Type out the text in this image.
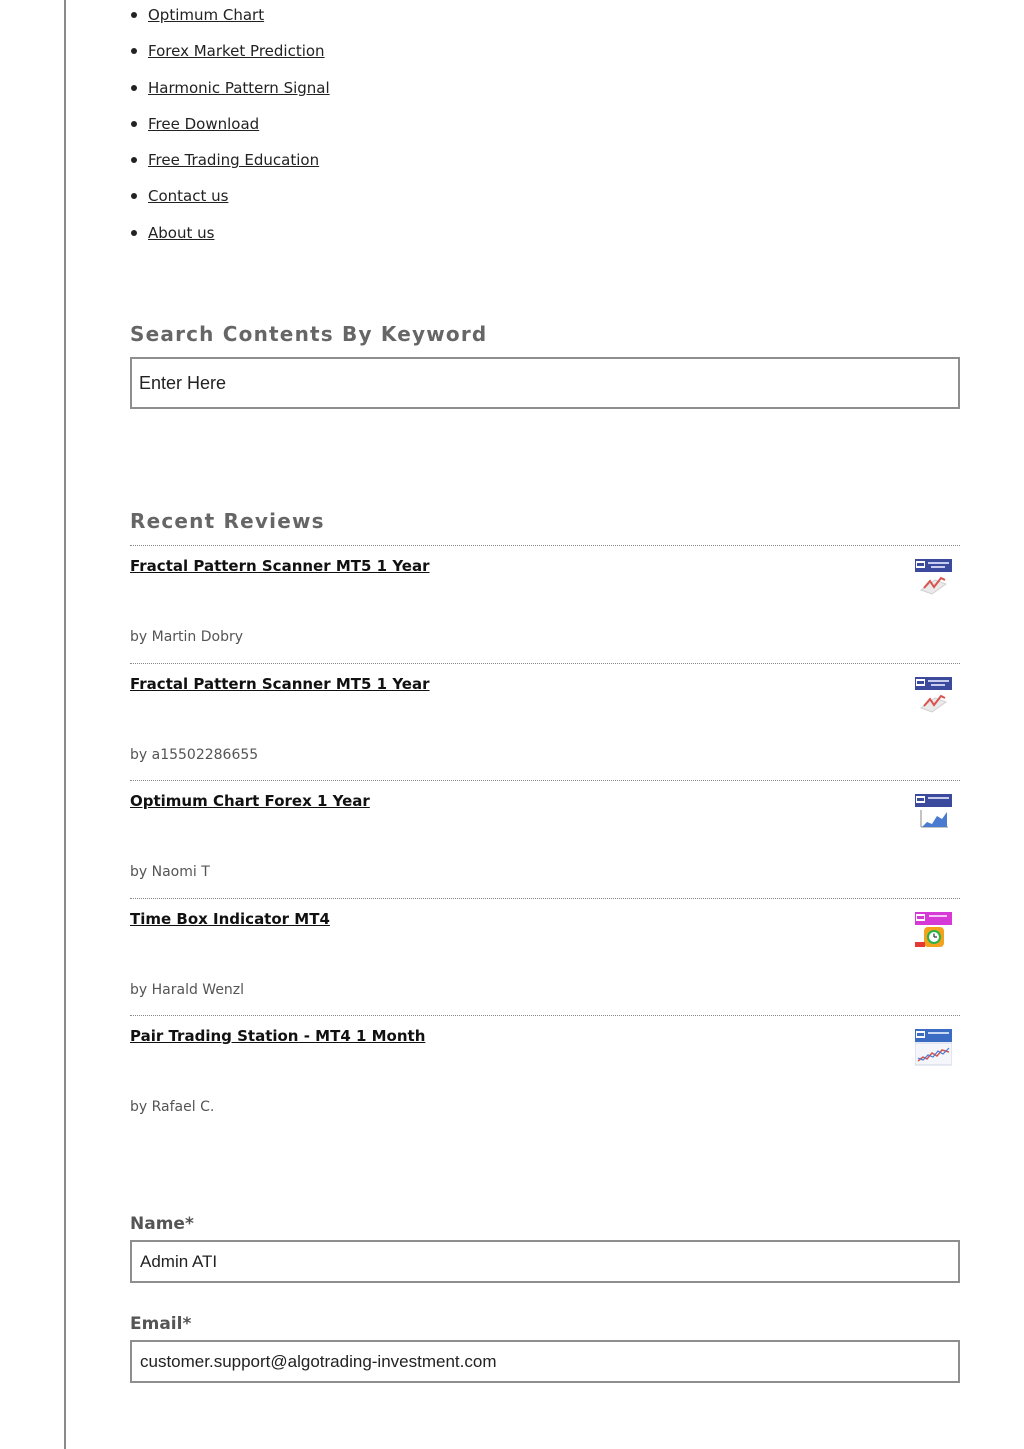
Optimum Chart
Forex Market Prediction
Harmonic Pattern Signal
Free Download
Free Trading Education
Contact us
About us
Search Contents By Keyword
Enter Here
Recent Reviews
Fractal Pattern Scanner MT5 1 Year
by Martin Dobry
Fractal Pattern Scanner MT5 1 Year
by a15502286655
Optimum Chart Forex 1 Year
by Naomi T
Time Box Indicator MT4
by Harald Wenzl
Pair Trading Station - MT4 1 Month
by Rafael C.
Name*
Admin ATI
Email*
customer.support@algotrading-investment.com
